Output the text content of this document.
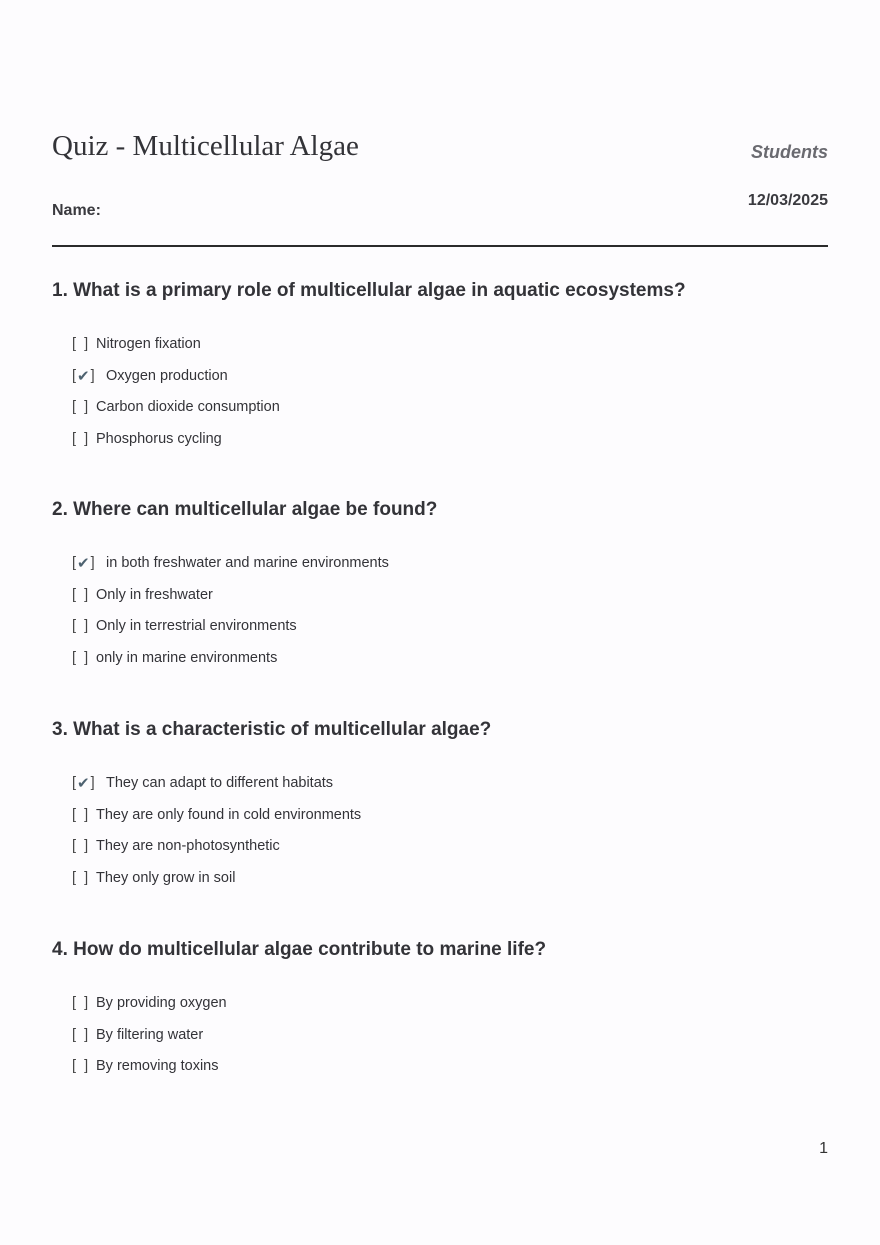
Quiz - Multicellular Algae	Students
12/03/2025
Name:

1. What is a primary role of multicellular algae in aquatic ecosystems?

[  ] Nitrogen fixation
[ ✔ ] Oxygen production
[  ] Carbon dioxide consumption
[  ] Phosphorus cycling

2. Where can multicellular algae be found?

[ ✔ ] in both freshwater and marine environments
[  ] Only in freshwater
[  ] Only in terrestrial environments
[  ] only in marine environments

3. What is a characteristic of multicellular algae?

[ ✔ ] They can adapt to different habitats
[  ] They are only found in cold environments
[  ] They are non-photosynthetic
[  ] They only grow in soil

4. How do multicellular algae contribute to marine life?

[  ] By providing oxygen
[  ] By filtering water
[  ] By removing toxins
1
